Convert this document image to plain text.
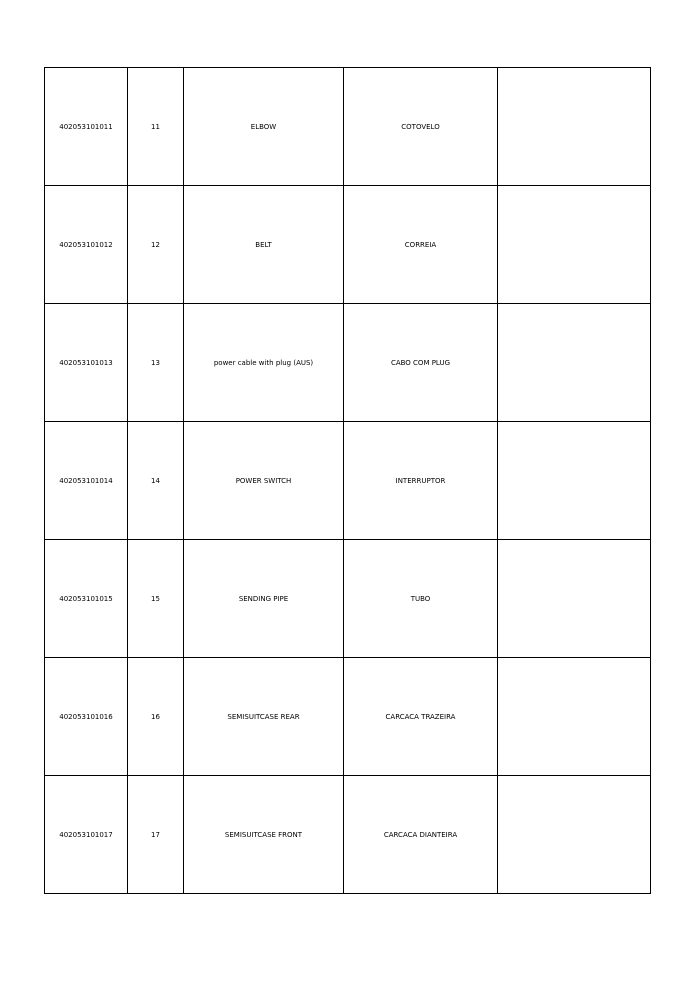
402053101011	11	ELBOW	COTOVELO	
402053101012	12	BELT	CORREIA	
402053101013	13	power cable with plug (AUS)	CABO COM PLUG	
402053101014	14	POWER SWITCH	INTERRUPTOR	
402053101015	15	SENDING PIPE	TUBO	
402053101016	16	SEMISUITCASE REAR	CARCACA TRAZEIRA	
402053101017	17	SEMISUITCASE FRONT	CARCACA DIANTEIRA	
